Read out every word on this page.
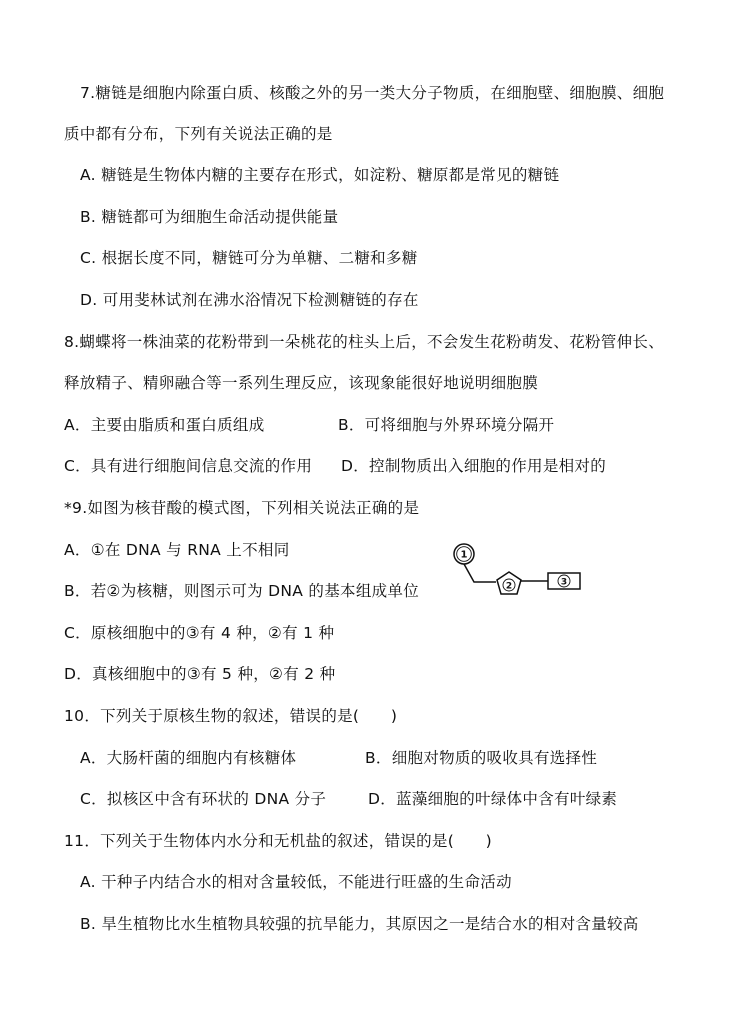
7.糖链是细胞内除蛋白质、核酸之外的另一类大分子物质，在细胞壁、细胞膜、细胞
质中都有分布，下列有关说法正确的是
A. 糖链是生物体内糖的主要存在形式，如淀粉、糖原都是常见的糖链
B. 糖链都可为细胞生命活动提供能量
C. 根据长度不同，糖链可分为单糖、二糖和多糖
D. 可用斐林试剂在沸水浴情况下检测糖链的存在
8.蝴蝶将一株油菜的花粉带到一朵桃花的柱头上后，不会发生花粉萌发、花粉管伸长、
释放精子、精卵融合等一系列生理反应，该现象能很好地说明细胞膜
A．主要由脂质和蛋白质组成	B．可将细胞与外界环境分隔开
C．具有进行细胞间信息交流的作用 D．控制物质出入细胞的作用是相对的
*9.如图为核苷酸的模式图，下列相关说法正确的是
A．①在 DNA 与 RNA 上不相同
B．若②为核糖，则图示可为 DNA 的基本组成单位
C．原核细胞中的③有 4 种，②有 1 种
D．真核细胞中的③有 5 种，②有 2 种
1
2	3
10．下列关于原核生物的叙述，错误的是(　　)
A．大肠杆菌的细胞内有核糖体	B．细胞对物质的吸收具有选择性
C．拟核区中含有环状的 DNA 分子	D．蓝藻细胞的叶绿体中含有叶绿素
11．下列关于生物体内水分和无机盐的叙述，错误的是(　　)
A. 干种子内结合水的相对含量较低，不能进行旺盛的生命活动
B. 旱生植物比水生植物具较强的抗旱能力，其原因之一是结合水的相对含量较高
